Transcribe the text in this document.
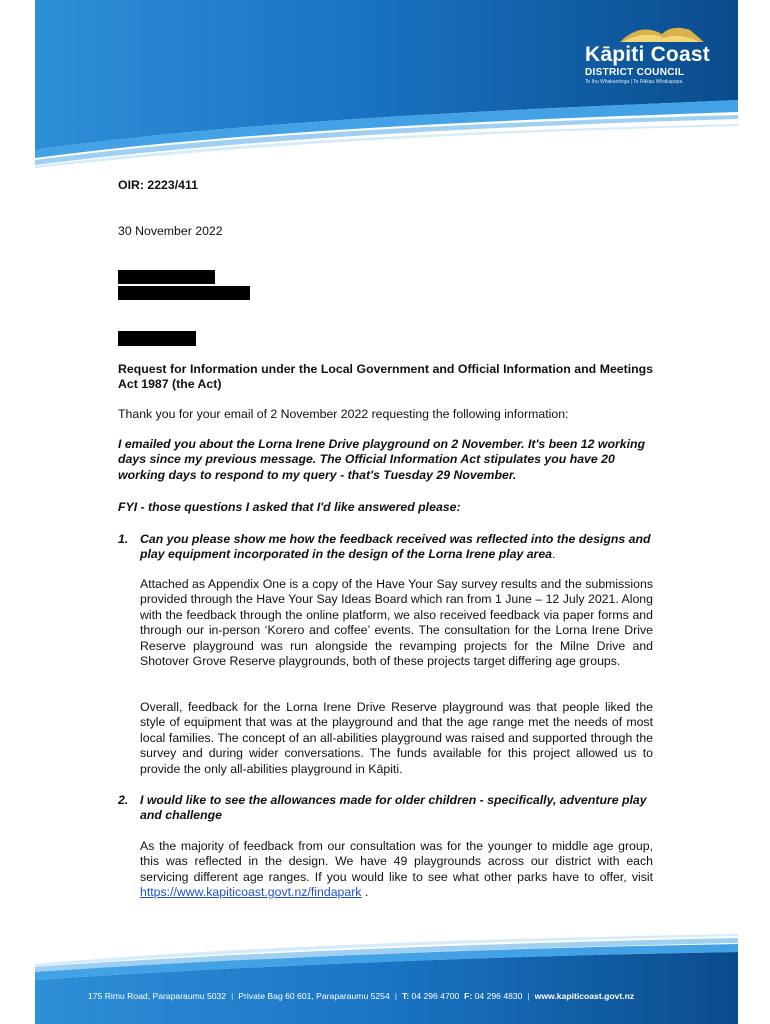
Kāpiti Coast
DISTRICT COUNCIL
Te Ihu Whakaotinga | Te Rākau Whakapapa
OIR: 2223/411
30 November 2022
Request for Information under the Local Government and Official Information and Meetings Act 1987 (the Act)
Thank you for your email of 2 November 2022 requesting the following information:
I emailed you about the Lorna Irene Drive playground on 2 November. It's been 12 working days since my previous message. The Official Information Act stipulates you have 20 working days to respond to my query - that's Tuesday 29 November.
FYI - those questions I asked that I'd like answered please:
1. Can you please show me how the feedback received was reflected into the designs and play equipment incorporated in the design of the Lorna Irene play area.
Attached as Appendix One is a copy of the Have Your Say survey results and the submissions provided through the Have Your Say Ideas Board which ran from 1 June – 12 July 2021. Along with the feedback through the online platform, we also received feedback via paper forms and through our in-person ‘Korero and coffee’ events. The consultation for the Lorna Irene Drive Reserve playground was run alongside the revamping projects for the Milne Drive and Shotover Grove Reserve playgrounds, both of these projects target differing age groups.
Overall, feedback for the Lorna Irene Drive Reserve playground was that people liked the style of equipment that was at the playground and that the age range met the needs of most local families. The concept of an all-abilities playground was raised and supported through the survey and during wider conversations. The funds available for this project allowed us to provide the only all-abilities playground in Kāpiti.
2. I would like to see the allowances made for older children - specifically, adventure play and challenge
As the majority of feedback from our consultation was for the younger to middle age group, this was reflected in the design. We have 49 playgrounds across our district with each servicing different age ranges. If you would like to see what other parks have to offer, visit https://www.kapiticoast.govt.nz/findapark .
175 Rimu Road, Paraparaumu 5032 | Private Bag 60 601, Paraparaumu 5254 | T: 04 296 4700 F: 04 296 4830 | www.kapiticoast.govt.nz
